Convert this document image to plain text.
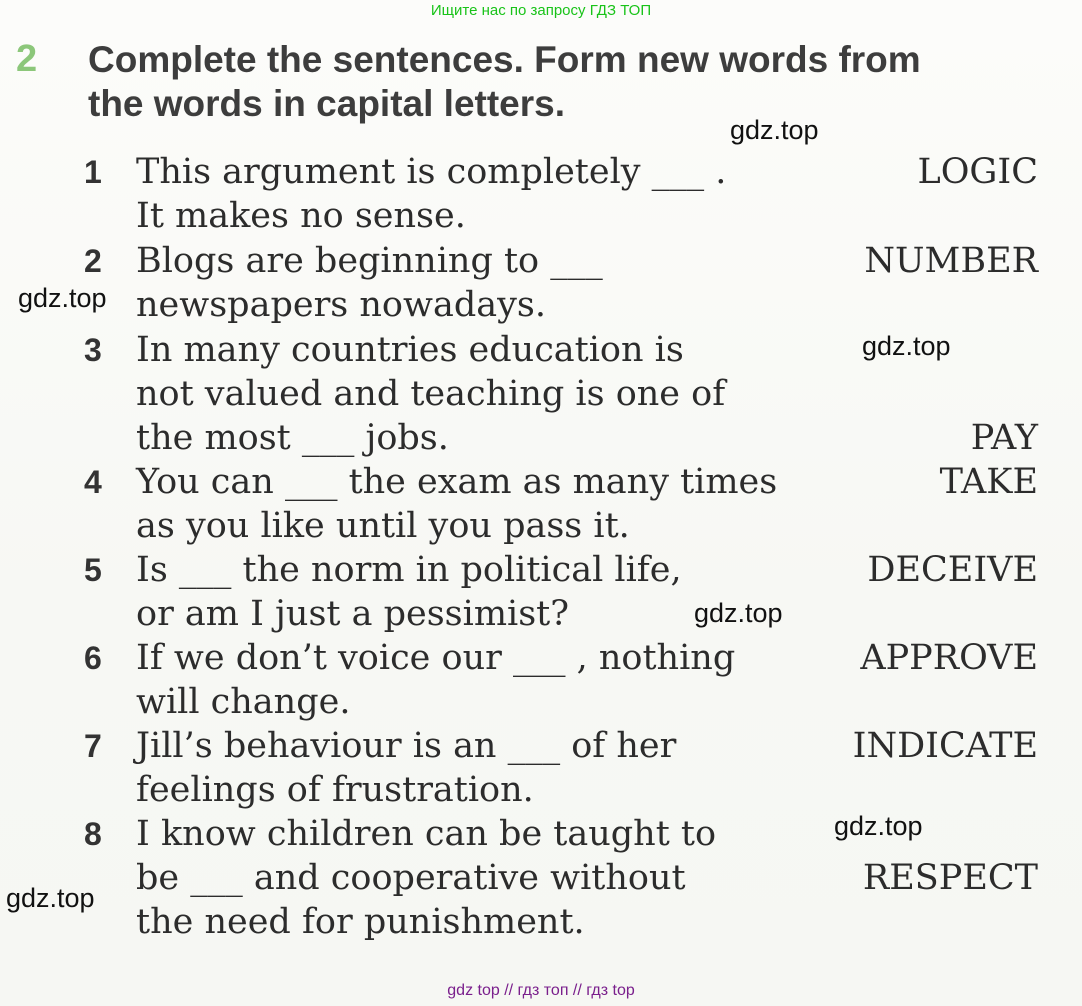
Ищите нас по запросу ГДЗ ТОП
2 Complete the sentences. Form new words from
the words in capital letters.
1 This argument is completely ___ .
It makes no sense.
LOGIC
2 Blogs are beginning to ___
newspapers nowadays.
NUMBER
3 In many countries education is
not valued and teaching is one of
the most ___ jobs.	PAY
4 You can ___ the exam as many times
as you like until you pass it.
TAKE
5 Is ___ the norm in political life,
or am I just a pessimist?
DECEIVE
6 If we don’t voice our ___ , nothing
will change.
APPROVE
7 Jill’s behaviour is an ___ of her
feelings of frustration.
INDICATE
8 I know children can be taught to
be ___ and cooperative without
the need for punishment.
RESPECT
gdz.top
gdz.top
gdz.top
gdz.top
gdz.top
gdz.top
gdz top // гдз топ // гдз top
